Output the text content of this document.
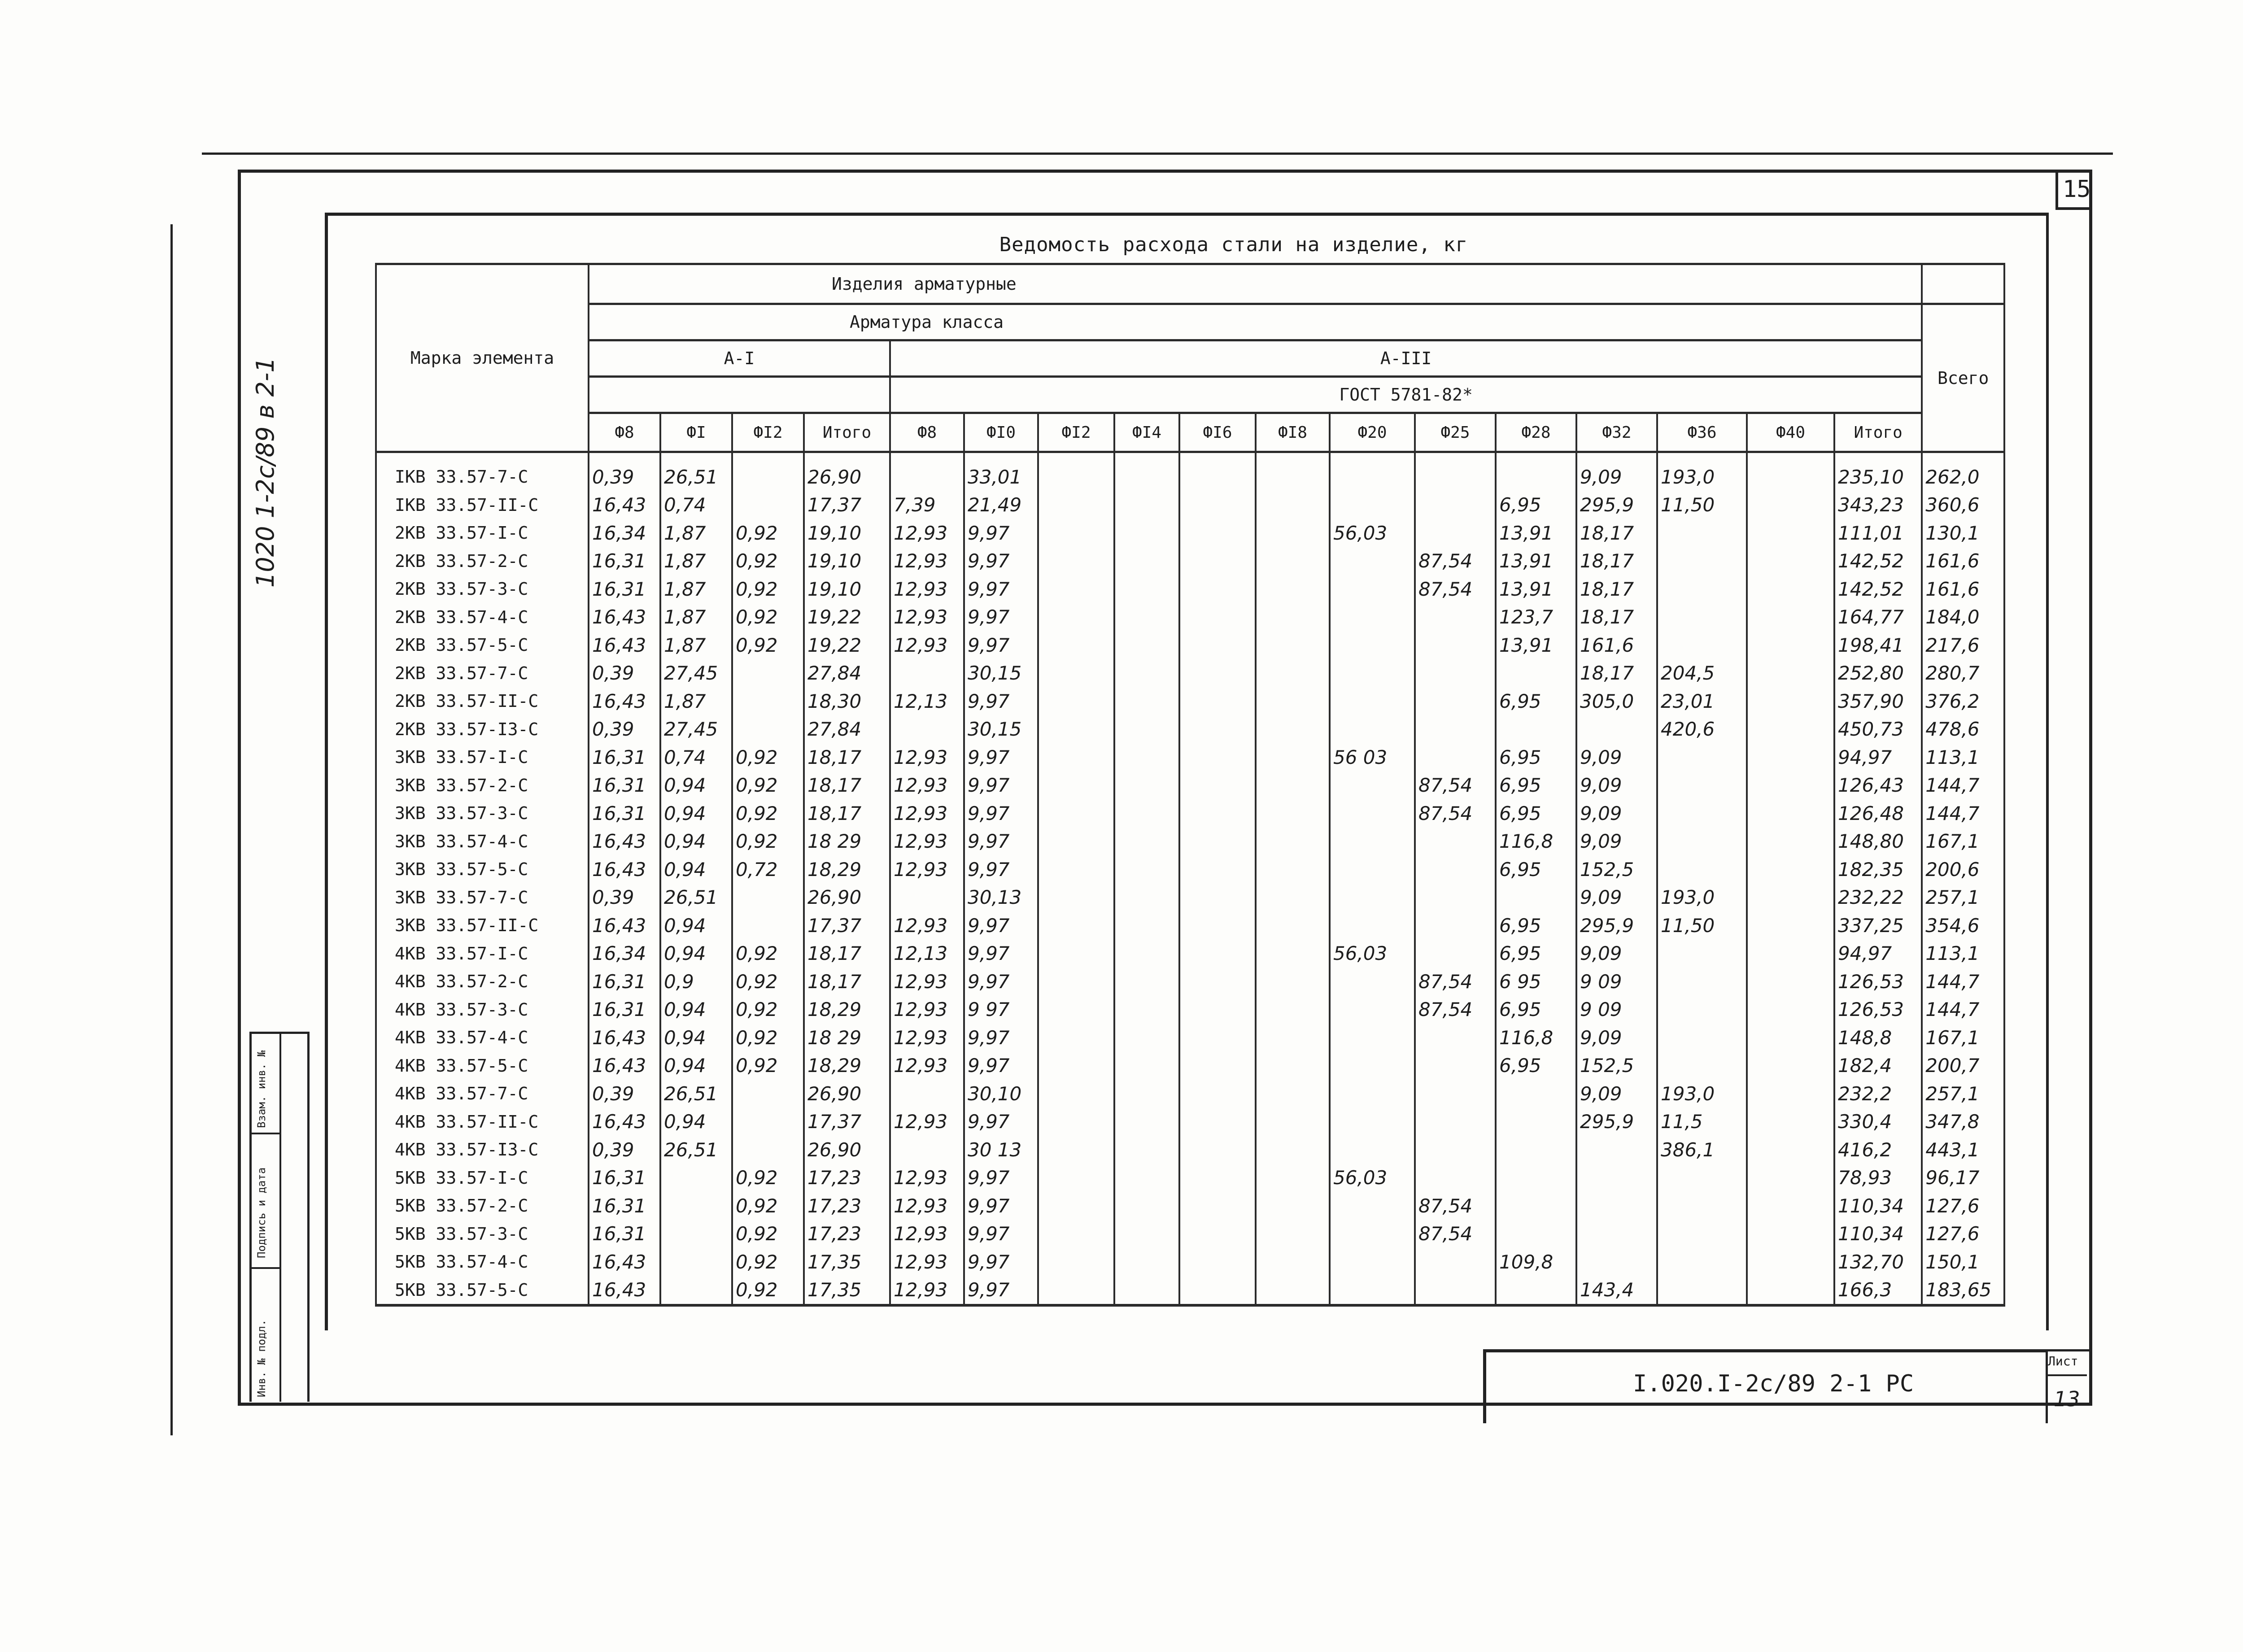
15
1020 1-2с/89 в 2-1
Взам. инв. №
Подпись и дата
Инв. № подл.
Ведомость расхода стали на изделие, кг
Марка элемента	Изделия арматурные																	
	Арматура класса																	Всего
	А-I				А-III													
					ГОСТ 5781-82*													
	Ф8	ФI	ФI2	Итого	Ф8	ФI0	ФI2	ФI4	ФI6	ФI8	Ф20	Ф25	Ф28	Ф32	Ф36	Ф40	Итого	
IКВ 33.57-7-С	0,39	26,51		26,90		33,01								9,09	193,0		235,10	262,0
IКВ 33.57-II-С	16,43	0,74		17,37	7,39	21,49							6,95	295,9	11,50		343,23	360,6
2КВ 33.57-I-С	16,34	1,87	0,92	19,10	12,93	9,97					56,03		13,91	18,17			111,01	130,1
2КВ 33.57-2-С	16,31	1,87	0,92	19,10	12,93	9,97						87,54	13,91	18,17			142,52	161,6
2КВ 33.57-3-С	16,31	1,87	0,92	19,10	12,93	9,97						87,54	13,91	18,17			142,52	161,6
2КВ 33.57-4-С	16,43	1,87	0,92	19,22	12,93	9,97							123,7	18,17			164,77	184,0
2КВ 33.57-5-С	16,43	1,87	0,92	19,22	12,93	9,97							13,91	161,6			198,41	217,6
2КВ 33.57-7-С	0,39	27,45		27,84		30,15								18,17	204,5		252,80	280,7
2КВ 33.57-II-С	16,43	1,87		18,30	12,13	9,97							6,95	305,0	23,01		357,90	376,2
2КВ 33.57-I3-С	0,39	27,45		27,84		30,15									420,6		450,73	478,6
3КВ 33.57-I-С	16,31	0,74	0,92	18,17	12,93	9,97					56 03		6,95	9,09			94,97	113,1
3КВ 33.57-2-С	16,31	0,94	0,92	18,17	12,93	9,97						87,54	6,95	9,09			126,43	144,7
3КВ 33.57-3-С	16,31	0,94	0,92	18,17	12,93	9,97						87,54	6,95	9,09			126,48	144,7
3КВ 33.57-4-С	16,43	0,94	0,92	18 29	12,93	9,97							116,8	9,09			148,80	167,1
3КВ 33.57-5-С	16,43	0,94	0,72	18,29	12,93	9,97							6,95	152,5			182,35	200,6
3КВ 33.57-7-С	0,39	26,51		26,90		30,13								9,09	193,0		232,22	257,1
3КВ 33.57-II-С	16,43	0,94		17,37	12,93	9,97							6,95	295,9	11,50		337,25	354,6
4КВ 33.57-I-С	16,34	0,94	0,92	18,17	12,13	9,97					56,03		6,95	9,09			94,97	113,1
4КВ 33.57-2-С	16,31	0,9	0,92	18,17	12,93	9,97						87,54	6 95	9 09			126,53	144,7
4КВ 33.57-3-С	16,31	0,94	0,92	18,29	12,93	9 97						87,54	6,95	9 09			126,53	144,7
4КВ 33.57-4-С	16,43	0,94	0,92	18 29	12,93	9,97							116,8	9,09			148,8	167,1
4КВ 33.57-5-С	16,43	0,94	0,92	18,29	12,93	9,97							6,95	152,5			182,4	200,7
4КВ 33.57-7-С	0,39	26,51		26,90		30,10								9,09	193,0		232,2	257,1
4КВ 33.57-II-С	16,43	0,94		17,37	12,93	9,97								295,9	11,5		330,4	347,8
4КВ 33.57-I3-С	0,39	26,51		26,90		30 13									386,1		416,2	443,1
5КВ 33.57-I-С	16,31		0,92	17,23	12,93	9,97					56,03						78,93	96,17
5КВ 33.57-2-С	16,31		0,92	17,23	12,93	9,97						87,54					110,34	127,6
5КВ 33.57-3-С	16,31		0,92	17,23	12,93	9,97						87,54					110,34	127,6
5КВ 33.57-4-С	16,43		0,92	17,35	12,93	9,97							109,8				132,70	150,1
5КВ 33.57-5-С	16,43		0,92	17,35	12,93	9,97								143,4			166,3	183,65
I.020.I-2с/89 2-1 РС
Лист
13
